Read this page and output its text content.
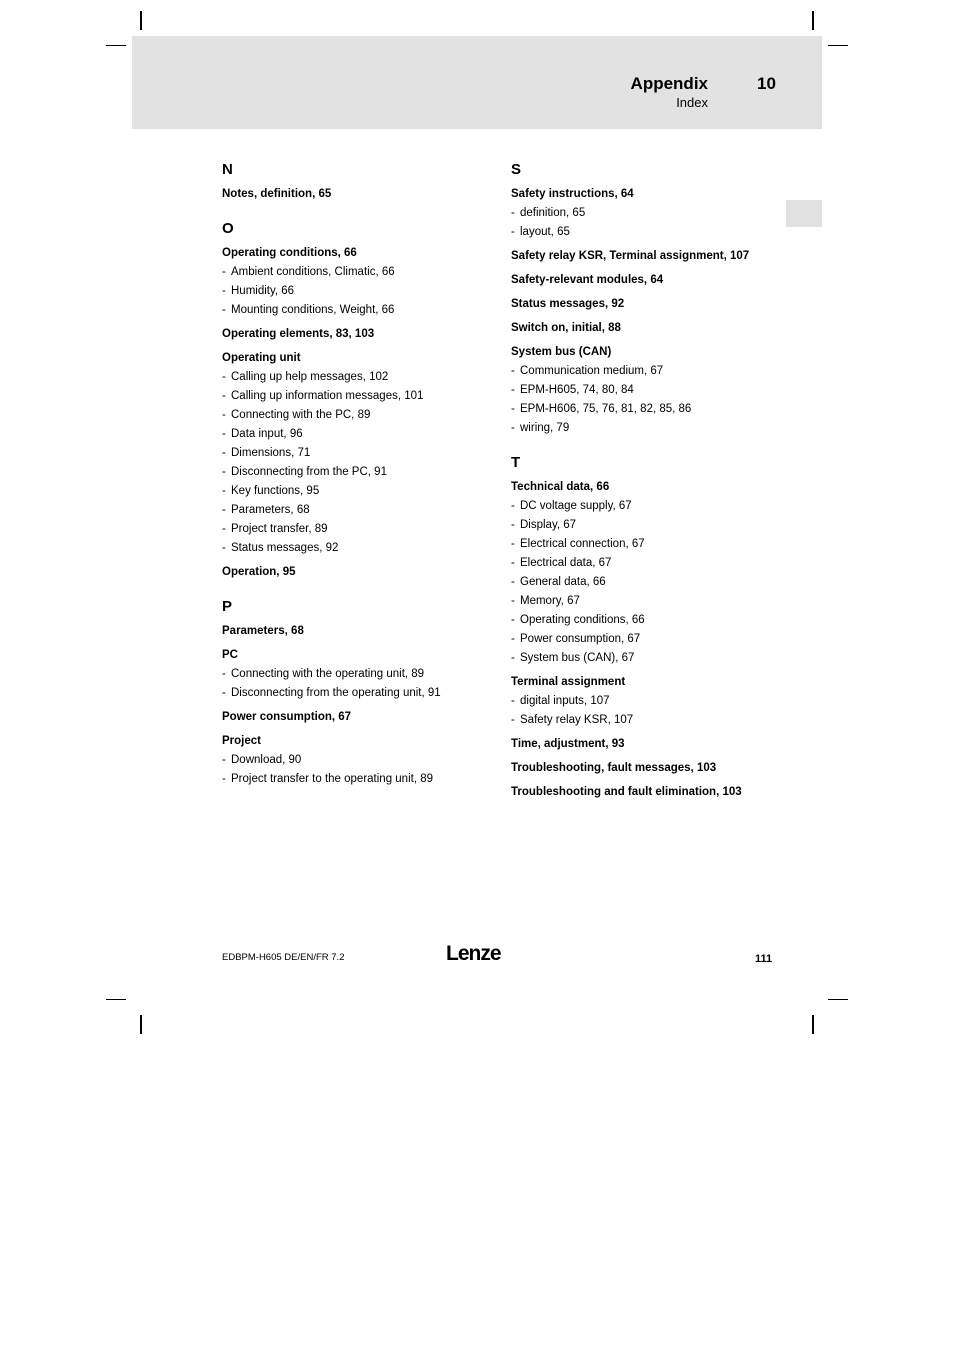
Appendix	10
Index
N
Notes, definition, 65
O
Operating conditions, 66
- Ambient conditions, Climatic, 66
- Humidity, 66
- Mounting conditions, Weight, 66
Operating elements, 83, 103
Operating unit
- Calling up help messages, 102
- Calling up information messages, 101
- Connecting with the PC, 89
- Data input, 96
- Dimensions, 71
- Disconnecting from the PC, 91
- Key functions, 95
- Parameters, 68
- Project transfer, 89
- Status messages, 92
Operation, 95
P
Parameters, 68
PC
- Connecting with the operating unit, 89
- Disconnecting from the operating unit, 91
Power consumption, 67
Project
- Download, 90
- Project transfer to the operating unit, 89
S
Safety instructions, 64
- definition, 65
- layout, 65
Safety relay KSR, Terminal assignment, 107
Safety-relevant modules, 64
Status messages, 92
Switch on, initial, 88
System bus (CAN)
- Communication medium, 67
- EPM-H605, 74, 80, 84
- EPM-H606, 75, 76, 81, 82, 85, 86
- wiring, 79
T
Technical data, 66
- DC voltage supply, 67
- Display, 67
- Electrical connection, 67
- Electrical data, 67
- General data, 66
- Memory, 67
- Operating conditions, 66
- Power consumption, 67
- System bus (CAN), 67
Terminal assignment
- digital inputs, 107
- Safety relay KSR, 107
Time, adjustment, 93
Troubleshooting, fault messages, 103
Troubleshooting and fault elimination, 103
EDBPM-H605 DE/EN/FR 7.2	Lenze	111
